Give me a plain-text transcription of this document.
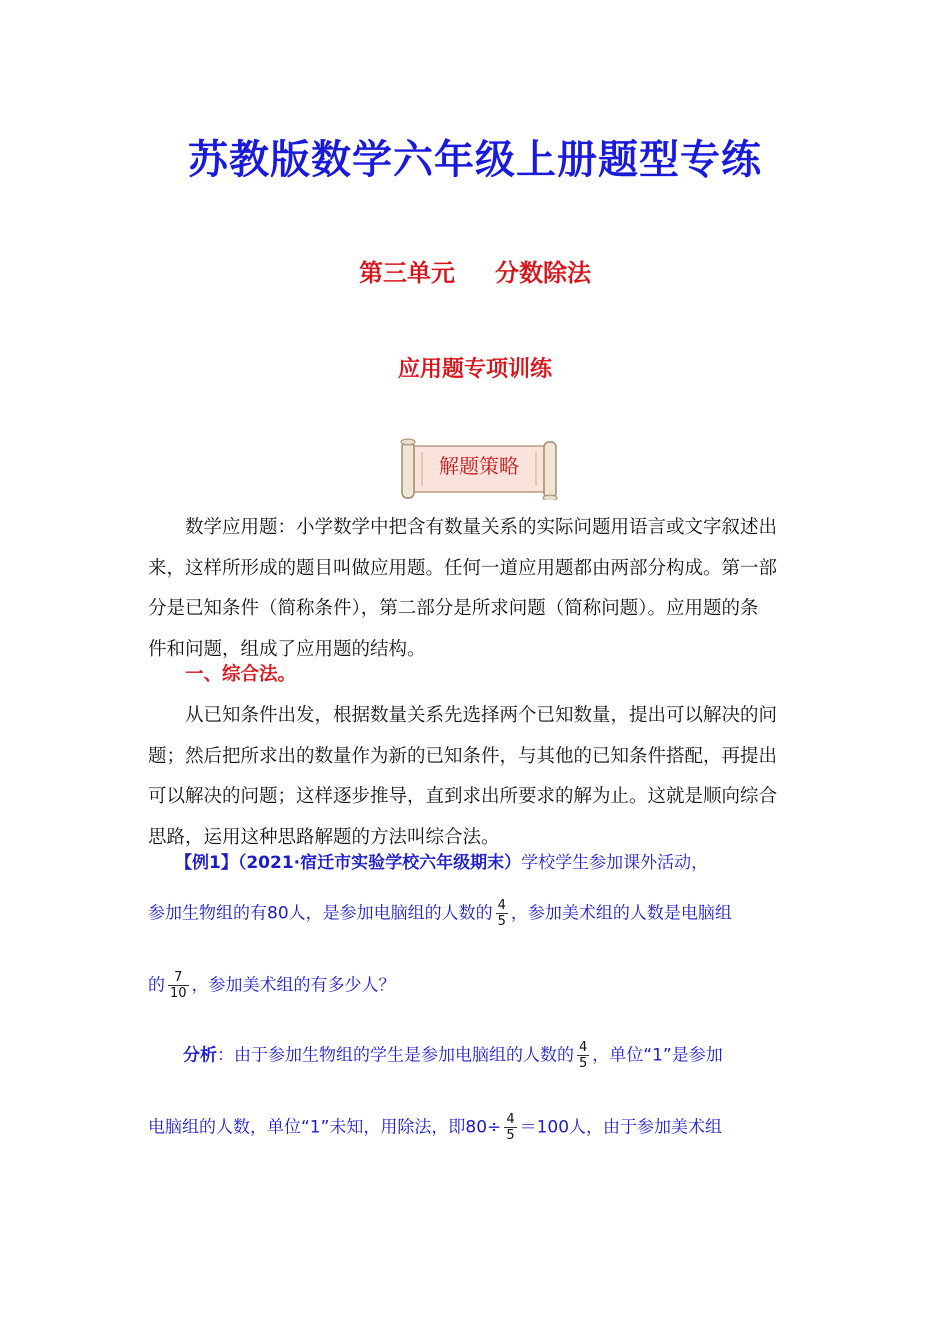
苏教版数学六年级上册题型专练
第三单元 分数除法
应用题专项训练
解题策略

数学应用题：小学数学中把含有数量关系的实际问题用语言或文字叙述出

来，这样所形成的题目叫做应用题。任何一道应用题都由两部分构成。第一部
分是已知条件（简称条件），第二部分是所求问题（简称问题）。应用题的条
件和问题，组成了应用题的结构。

一、综合法。

从已知条件出发，根据数量关系先选择两个已知数量，提出可以解决的问

题；然后把所求出的数量作为新的已知条件，与其他的已知条件搭配，再提出
可以解决的问题；这样逐步推导，直到求出所要求的解为止。这就是顺向综合
思路，运用这种思路解题的方法叫综合法。
【例1】（2021·宿迁市实验学校六年级期末）学校学生参加课外活动，
参加生物组的有80人，是参加电脑组的人数的 $\frac{4}{5}$ ，参加美术组的人数是电脑组
的 $\frac{7}{10}$ ，参加美术组的有多少人？
分析：由于参加生物组的学生是参加电脑组的人数的 $\frac{4}{5}$ ，单位“1”是参加
电脑组的人数，单位“1”未知，用除法，即$80\div \frac{4}{5} =100$人，由于参加美术组
